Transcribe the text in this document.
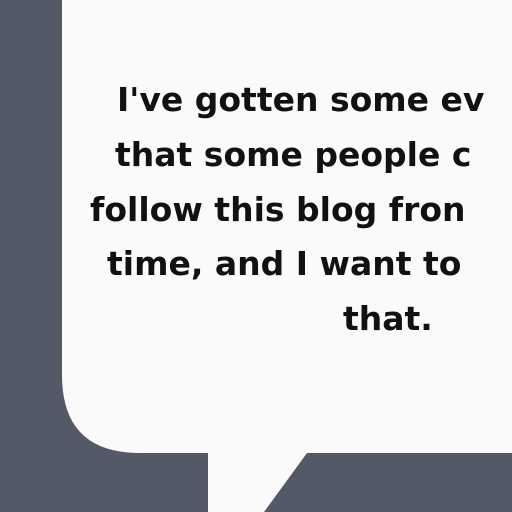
I've gotten some ev

that some people c

follow this blog fron

time, and I want to

that.
